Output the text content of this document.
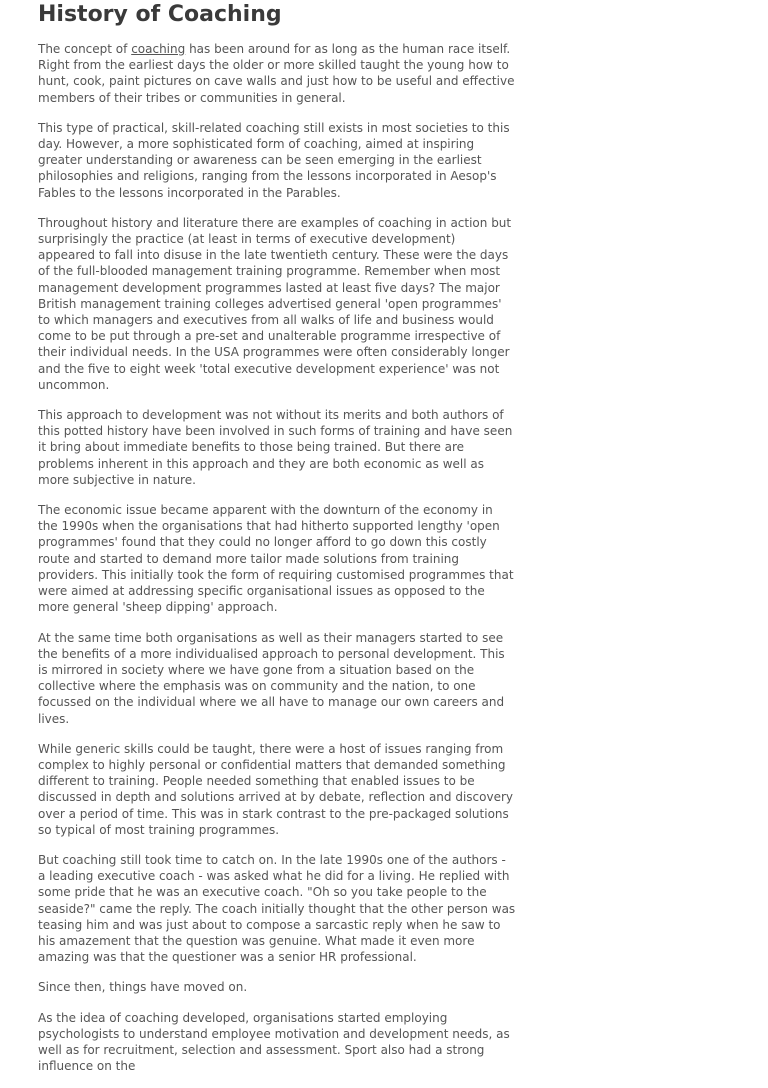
History of Coaching

The concept of coaching has been around for as long as the human race itself. Right from the earliest days the older or more skilled taught the young how to hunt, cook, paint pictures on cave walls and just how to be useful and effective members of their tribes or communities in general.

This type of practical, skill-related coaching still exists in most societies to this day. However, a more sophisticated form of coaching, aimed at inspiring greater understanding or awareness can be seen emerging in the earliest philosophies and religions, ranging from the lessons incorporated in Aesop's Fables to the lessons incorporated in the Parables.

Throughout history and literature there are examples of coaching in action but surprisingly the practice (at least in terms of executive development) appeared to fall into disuse in the late twentieth century. These were the days of the full-blooded management training programme. Remember when most management development programmes lasted at least five days? The major British management training colleges advertised general 'open programmes' to which managers and executives from all walks of life and business would come to be put through a pre-set and unalterable programme irrespective of their individual needs. In the USA programmes were often considerably longer and the five to eight week 'total executive development experience' was not uncommon.

This approach to development was not without its merits and both authors of this potted history have been involved in such forms of training and have seen it bring about immediate benefits to those being trained. But there are problems inherent in this approach and they are both economic as well as more subjective in nature.

The economic issue became apparent with the downturn of the economy in the 1990s when the organisations that had hitherto supported lengthy 'open programmes' found that they could no longer afford to go down this costly route and started to demand more tailor made solutions from training providers. This initially took the form of requiring customised programmes that were aimed at addressing specific organisational issues as opposed to the more general 'sheep dipping' approach.

At the same time both organisations as well as their managers started to see the benefits of a more individualised approach to personal development. This is mirrored in society where we have gone from a situation based on the collective where the emphasis was on community and the nation, to one focussed on the individual where we all have to manage our own careers and lives.

While generic skills could be taught, there were a host of issues ranging from complex to highly personal or confidential matters that demanded something different to training. People needed something that enabled issues to be discussed in depth and solutions arrived at by debate, reflection and discovery over a period of time. This was in stark contrast to the pre-packaged solutions so typical of most training programmes.

But coaching still took time to catch on. In the late 1990s one of the authors - a leading executive coach - was asked what he did for a living. He replied with some pride that he was an executive coach. "Oh so you take people to the seaside?" came the reply. The coach initially thought that the other person was teasing him and was just about to compose a sarcastic reply when he saw to his amazement that the question was genuine. What made it even more amazing was that the questioner was a senior HR professional.

Since then, things have moved on.

As the idea of coaching developed, organisations started employing psychologists to understand employee motivation and development needs, as well as for recruitment, selection and assessment. Sport also had a strong influence on the
